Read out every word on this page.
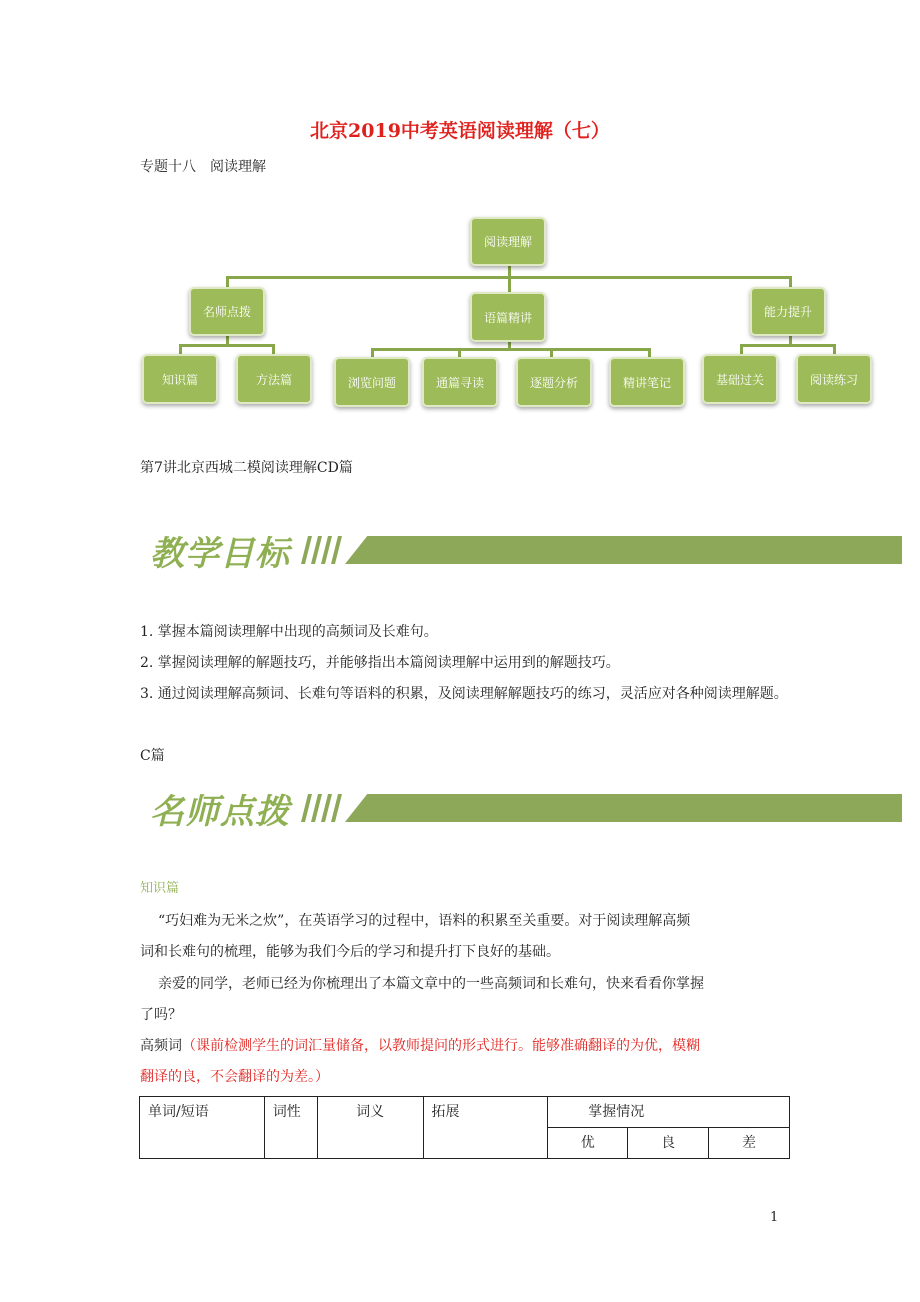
北京2019中考英语阅读理解（七）
专题十八　阅读理解
阅读理解
名师点拨	语篇精讲	能力提升
知识篇	方法篇	浏览问题	通篇寻读	逐题分析	精讲笔记	基础过关	阅读练习
第7讲北京西城二模阅读理解CD篇
教学目标
1. 掌握本篇阅读理解中出现的高频词及长难句。
2. 掌握阅读理解的解题技巧，并能够指出本篇阅读理解中运用到的解题技巧。
3. 通过阅读理解高频词、长难句等语料的积累，及阅读理解解题技巧的练习，灵活应对各种阅读理解题。
C篇
名师点拨
知识篇
“巧妇难为无米之炊”，在英语学习的过程中，语料的积累至关重要。对于阅读理解高频
词和长难句的梳理，能够为我们今后的学习和提升打下良好的基础。
亲爱的同学，老师已经为你梳理出了本篇文章中的一些高频词和长难句，快来看看你掌握
了吗？
高频词（课前检测学生的词汇量储备，以教师提问的形式进行。能够准确翻译的为优，模糊
翻译的良，不会翻译的为差。）
单词/短语	词性	词义	拓展	掌握情况		
				优	良	差
1
